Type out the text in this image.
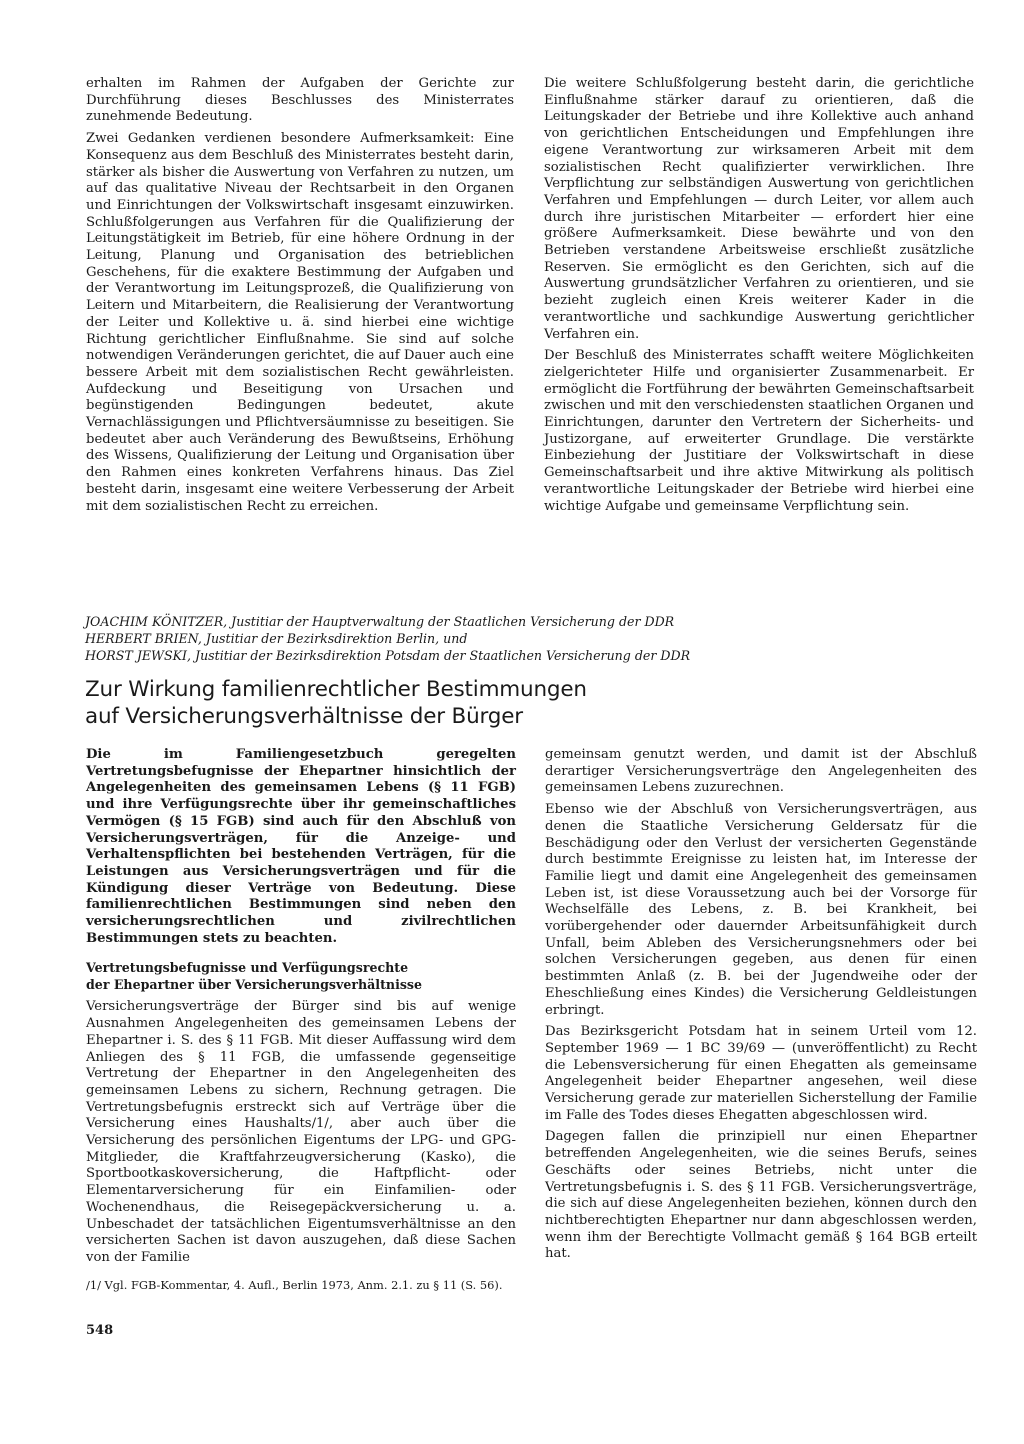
erhalten im Rahmen der Aufgaben der Gerichte zur Durchführung dieses Beschlusses des Ministerrates zunehmende Bedeutung.

Zwei Gedanken verdienen besondere Aufmerksamkeit: Eine Konsequenz aus dem Beschluß des Ministerrates besteht darin, stärker als bisher die Auswertung von Verfahren zu nutzen, um auf das qualitative Niveau der Rechtsarbeit in den Organen und Einrichtungen der Volkswirtschaft insgesamt einzuwirken. Schlußfolgerungen aus Verfahren für die Qualifizierung der Leitungstätigkeit im Betrieb, für eine höhere Ordnung in der Leitung, Planung und Organisation des betrieblichen Geschehens, für die exaktere Bestimmung der Aufgaben und der Verantwortung im Leitungsprozeß, die Qualifizierung von Leitern und Mitarbeitern, die Realisierung der Verantwortung der Leiter und Kollektive u. ä. sind hierbei eine wichtige Richtung gerichtlicher Einflußnahme. Sie sind auf solche notwendigen Veränderungen gerichtet, die auf Dauer auch eine bessere Arbeit mit dem sozialistischen Recht gewährleisten. Aufdeckung und Beseitigung von Ursachen und begünstigenden Bedingungen bedeutet, akute Vernachlässigungen und Pflichtversäumnisse zu beseitigen. Sie bedeutet aber auch Veränderung des Bewußtseins, Erhöhung des Wissens, Qualifizierung der Leitung und Organisation über den Rahmen eines konkreten Verfahrens hinaus. Das Ziel besteht darin, insgesamt eine weitere Verbesserung der Arbeit mit dem sozialistischen Recht zu erreichen.

Die weitere Schlußfolgerung besteht darin, die gerichtliche Einflußnahme stärker darauf zu orientieren, daß die Leitungskader der Betriebe und ihre Kollektive auch anhand von gerichtlichen Entscheidungen und Empfehlungen ihre eigene Verantwortung zur wirksameren Arbeit mit dem sozialistischen Recht qualifizierter verwirklichen. Ihre Verpflichtung zur selbständigen Auswertung von gerichtlichen Verfahren und Empfehlungen — durch Leiter, vor allem auch durch ihre juristischen Mitarbeiter — erfordert hier eine größere Aufmerksamkeit. Diese bewährte und von den Betrieben verstandene Arbeitsweise erschließt zusätzliche Reserven. Sie ermöglicht es den Gerichten, sich auf die Auswertung grundsätzlicher Verfahren zu orientieren, und sie bezieht zugleich einen Kreis weiterer Kader in die verantwortliche und sachkundige Auswertung gerichtlicher Verfahren ein.

Der Beschluß des Ministerrates schafft weitere Möglichkeiten zielgerichteter Hilfe und organisierter Zusammenarbeit. Er ermöglicht die Fortführung der bewährten Gemeinschaftsarbeit zwischen und mit den verschiedensten staatlichen Organen und Einrichtungen, darunter den Vertretern der Sicherheits- und Justizorgane, auf erweiterter Grundlage. Die verstärkte Einbeziehung der Justitiare der Volkswirtschaft in diese Gemeinschaftsarbeit und ihre aktive Mitwirkung als politisch verantwortliche Leitungskader der Betriebe wird hierbei eine wichtige Aufgabe und gemeinsame Verpflichtung sein.

JOACHIM KÖNITZER, Justitiar der Hauptverwaltung der Staatlichen Versicherung der DDR
HERBERT BRIEN, Justitiar der Bezirksdirektion Berlin, und
HORST JEWSKI, Justitiar der Bezirksdirektion Potsdam der Staatlichen Versicherung der DDR
Zur Wirkung familienrechtlicher Bestimmungen
auf Versicherungsverhältnisse der Bürger

Die im Familiengesetzbuch geregelten Vertretungsbefugnisse der Ehepartner hinsichtlich der Angelegenheiten des gemeinsamen Lebens (§ 11 FGB) und ihre Verfügungsrechte über ihr gemeinschaftliches Vermögen (§ 15 FGB) sind auch für den Abschluß von Versicherungsverträgen, für die Anzeige- und Verhaltenspflichten bei bestehenden Verträgen, für die Leistungen aus Versicherungsverträgen und für die Kündigung dieser Verträge von Bedeutung. Diese familienrechtlichen Bestimmungen sind neben den versicherungsrechtlichen und zivilrechtlichen Bestimmungen stets zu beachten.

Vertretungsbefugnisse und Verfügungsrechte
der Ehepartner über Versicherungsverhältnisse

Versicherungsverträge der Bürger sind bis auf wenige Ausnahmen Angelegenheiten des gemeinsamen Lebens der Ehepartner i. S. des § 11 FGB. Mit dieser Auffassung wird dem Anliegen des § 11 FGB, die umfassende gegenseitige Vertretung der Ehepartner in den Angelegenheiten des gemeinsamen Lebens zu sichern, Rechnung getragen. Die Vertretungsbefugnis erstreckt sich auf Verträge über die Versicherung eines Haushalts/1/, aber auch über die Versicherung des persönlichen Eigentums der LPG- und GPG-Mitglieder, die Kraftfahrzeugversicherung (Kasko), die Sportbootkaskoversicherung, die Haftpflicht- oder Elementarversicherung für ein Einfamilien- oder Wochenendhaus, die Reisegepäckversicherung u. a. Unbeschadet der tatsächlichen Eigentumsverhältnisse an den versicherten Sachen ist davon auszugehen, daß diese Sachen von der Familie

/1/ Vgl. FGB-Kommentar, 4. Aufl., Berlin 1973, Anm. 2.1. zu § 11 (S. 56).

gemeinsam genutzt werden, und damit ist der Abschluß derartiger Versicherungsverträge den Angelegenheiten des gemeinsamen Lebens zuzurechnen.

Ebenso wie der Abschluß von Versicherungsverträgen, aus denen die Staatliche Versicherung Geldersatz für die Beschädigung oder den Verlust der versicherten Gegenstände durch bestimmte Ereignisse zu leisten hat, im Interesse der Familie liegt und damit eine Angelegenheit des gemeinsamen Leben ist, ist diese Voraussetzung auch bei der Vorsorge für Wechselfälle des Lebens, z. B. bei Krankheit, bei vorübergehender oder dauernder Arbeitsunfähigkeit durch Unfall, beim Ableben des Versicherungsnehmers oder bei solchen Versicherungen gegeben, aus denen für einen bestimmten Anlaß (z. B. bei der Jugendweihe oder der Eheschließung eines Kindes) die Versicherung Geldleistungen erbringt.

Das Bezirksgericht Potsdam hat in seinem Urteil vom 12. September 1969 — 1 BC 39/69 — (unveröffentlicht) zu Recht die Lebensversicherung für einen Ehegatten als gemeinsame Angelegenheit beider Ehepartner angesehen, weil diese Versicherung gerade zur materiellen Sicherstellung der Familie im Falle des Todes dieses Ehegatten abgeschlossen wird.

Dagegen fallen die prinzipiell nur einen Ehepartner betreffenden Angelegenheiten, wie die seines Berufs, seines Geschäfts oder seines Betriebs, nicht unter die Vertretungsbefugnis i. S. des § 11 FGB. Versicherungsverträge, die sich auf diese Angelegenheiten beziehen, können durch den nichtberechtigten Ehepartner nur dann abgeschlossen werden, wenn ihm der Berechtigte Vollmacht gemäß § 164 BGB erteilt hat.

548
